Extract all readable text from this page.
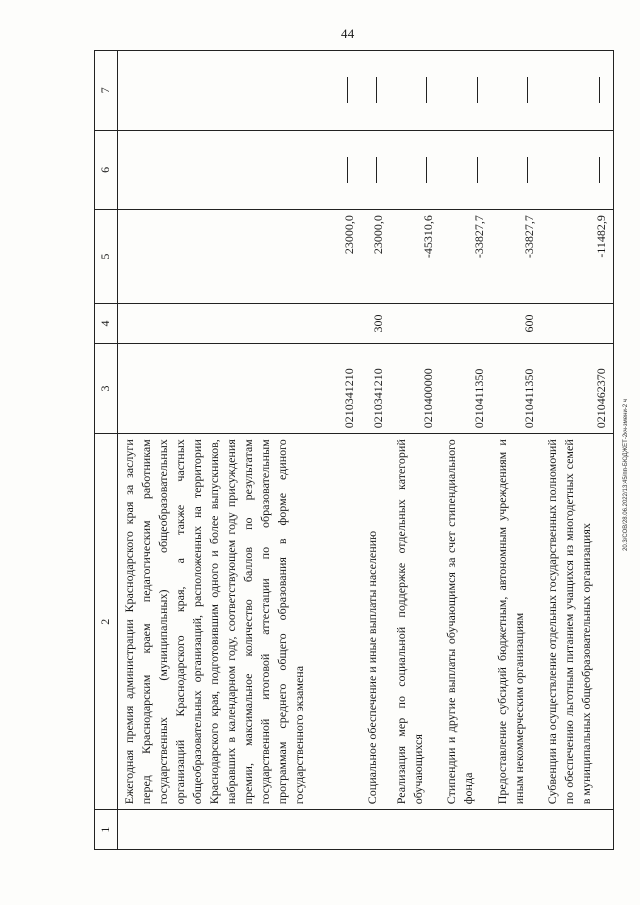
44
20.3/СОВ/28.06.2022/13:45/пп-БЮДЖЕТ-2кч-змени-2 ч
1	2	3	4	5	6	7
	Ежегодная премия администрации Краснодарского края за заслуги перед Краснодарским краем педагогическим работникам государственных (муниципальных) общеобразовательных организаций Краснодарского края, а также частных общеобразовательных организаций, расположенных на территории Краснодарского края, подготовившим одного и более выпускников, набравших в календарном году, соответствующем году присуждения премии, максимальное количество баллов по результатам государственной итоговой аттестации по образовательным программам среднего общего образования в форме единого государственного экзамена	0210341210		23000,0		
	Социальное обеспечение и иные выплаты населению	0210341210	300	23000,0		
	Реализация мер по социальной поддержке отдельных категорий обучающихся	0210400000		-45310,6		
	Стипендии и другие выплаты обучающимся за счет стипендиального фонда	0210411350		-33827,7		
	Предоставление субсидий бюджетным, автономным учреждениям и иным некоммерческим организациям	0210411350	600	-33827,7		
	Субвенции на осуществление отдельных государственных полномочий по обеспечению льготным питанием учащихся из многодетных семей в муниципальных общеобразовательных организациях	0210462370		-11482,9		
